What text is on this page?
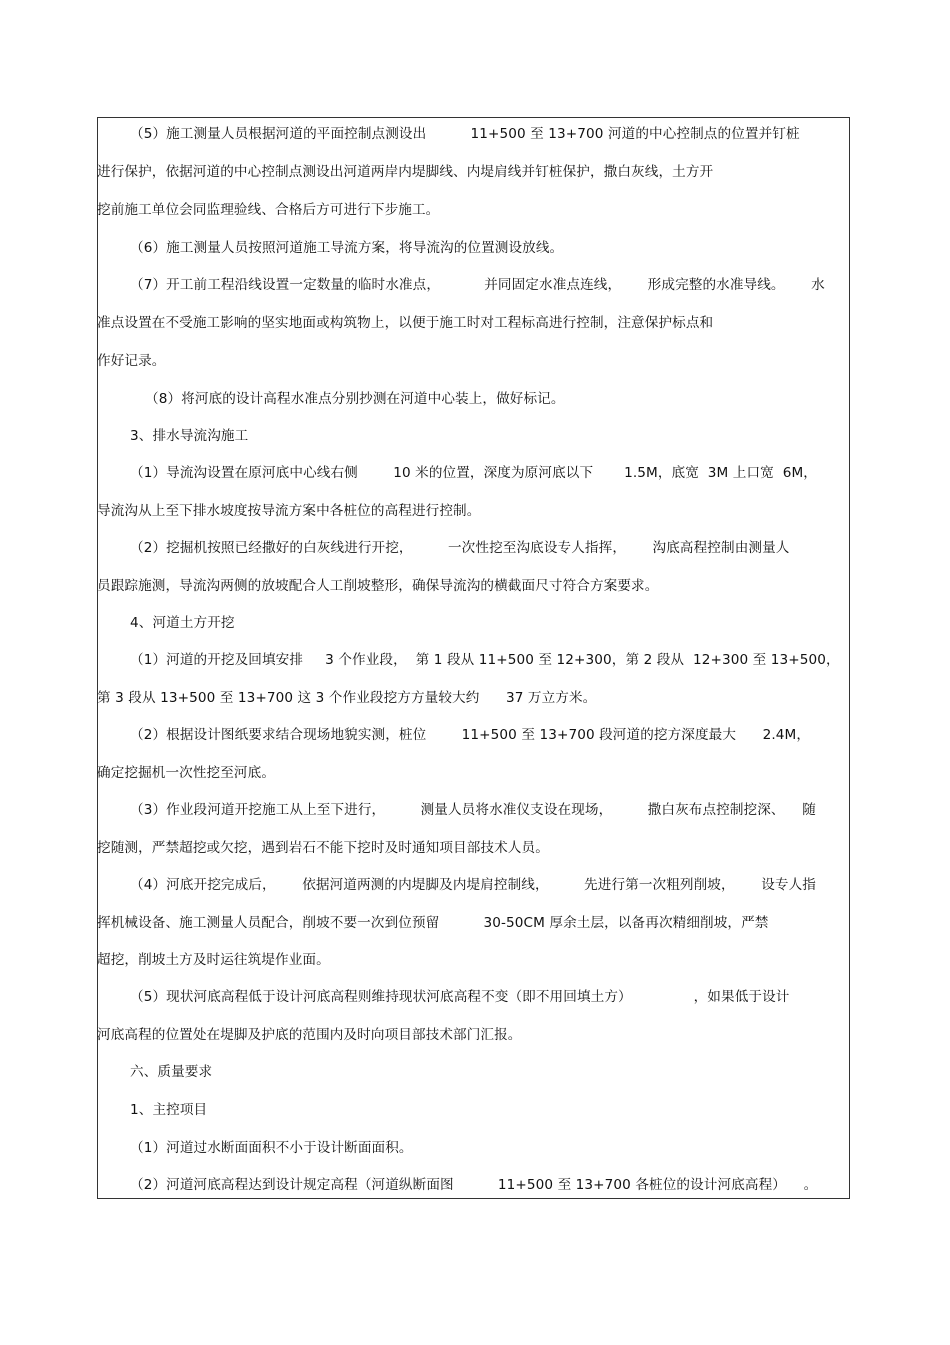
（5）施工测量人员根据河道的平面控制点测设出          11+500 至 13+700 河道的中心控制点的位置并钉桩
进行保护，依据河道的中心控制点测设出河道两岸内堤脚线、内堤肩线并钉桩保护，撒白灰线，土方开
挖前施工单位会同监理验线、合格后方可进行下步施工。
（6）施工测量人员按照河道施工导流方案，将导流沟的位置测设放线。
（7）开工前工程沿线设置一定数量的临时水准点，          并同固定水准点连线，      形成完整的水准导线。      水
准点设置在不受施工影响的坚实地面或构筑物上，以便于施工时对工程标高进行控制，注意保护标点和
作好记录。
（8）将河底的设计高程水准点分别抄测在河道中心装上，做好标记。
3、排水导流沟施工
（1）导流沟设置在原河底中心线右侧        10 米的位置，深度为原河底以下       1.5M，底宽  3M 上口宽  6M，
导流沟从上至下排水坡度按导流方案中各桩位的高程进行控制。
（2）挖掘机按照已经撒好的白灰线进行开挖，        一次性挖至沟底设专人指挥，      沟底高程控制由测量人
员跟踪施测，导流沟两侧的放坡配合人工削坡整形，确保导流沟的横截面尺寸符合方案要求。
4、河道土方开挖
（1）河道的开挖及回填安排     3 个作业段，  第 1 段从 11+500 至 12+300，第 2 段从  12+300 至 13+500，
第 3 段从 13+500 至 13+700 这 3 个作业段挖方方量较大约      37 万立方米。
（2）根据设计图纸要求结合现场地貌实测，桩位        11+500 至 13+700 段河道的挖方深度最大      2.4M，
确定挖掘机一次性挖至河底。
（3）作业段河道开挖施工从上至下进行，        测量人员将水准仪支设在现场，        撒白灰布点控制挖深、    随
挖随测，严禁超挖或欠挖，遇到岩石不能下挖时及时通知项目部技术人员。
（4）河底开挖完成后，      依据河道两测的内堤脚及内堤肩控制线，        先进行第一次粗列削坡，      设专人指
挥机械设备、施工测量人员配合，削坡不要一次到位预留          30-50CM 厚余土层，以备再次精细削坡，严禁
超挖，削坡土方及时运往筑堤作业面。
（5）现状河底高程低于设计河底高程则维持现状河底高程不变（即不用回填土方）              ，如果低于设计
河底高程的位置处在堤脚及护底的范围内及时向项目部技术部门汇报。
六、质量要求
1、主控项目
（1）河道过水断面面积不小于设计断面面积。
（2）河道河底高程达到设计规定高程（河道纵断面图          11+500 至 13+700 各桩位的设计河底高程）    。
